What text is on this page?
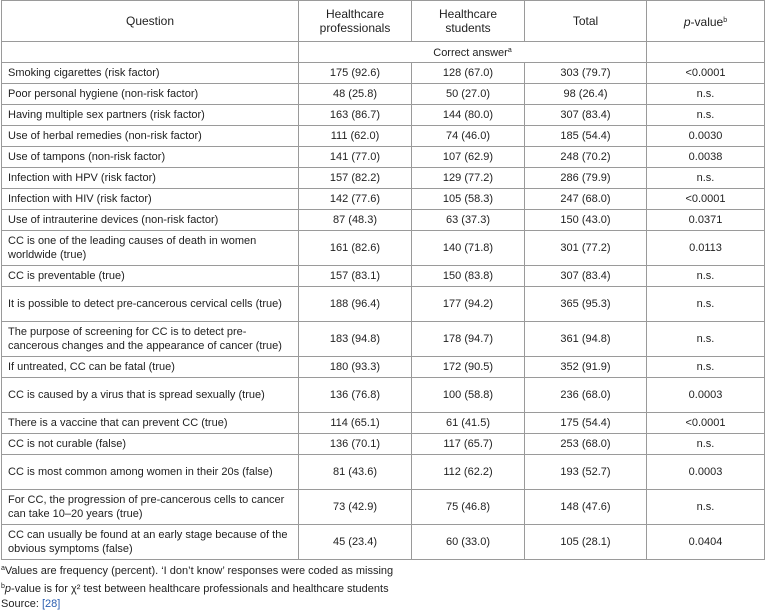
Question	Healthcare professionals	Healthcare students	Total	p-value$^b$
	Correct answer$^a$	
Smoking cigarettes (risk factor)	175 (92.6)	128 (67.0)	303 (79.7)	<0.0001
Poor personal hygiene (non-risk factor)	48 (25.8)	50 (27.0)	98 (26.4)	n.s.
Having multiple sex partners (risk factor)	163 (86.7)	144 (80.0)	307 (83.4)	n.s.
Use of herbal remedies (non-risk factor)	111 (62.0)	74 (46.0)	185 (54.4)	0.0030
Use of tampons (non-risk factor)	141 (77.0)	107 (62.9)	248 (70.2)	0.0038
Infection with HPV (risk factor)	157 (82.2)	129 (77.2)	286 (79.9)	n.s.
Infection with HIV (risk factor)	142 (77.6)	105 (58.3)	247 (68.0)	<0.0001
Use of intrauterine devices (non-risk factor)	87 (48.3)	63 (37.3)	150 (43.0)	0.0371
CC is one of the leading causes of death in women worldwide (true)	161 (82.6)	140 (71.8)	301 (77.2)	0.0113
CC is preventable (true)	157 (83.1)	150 (83.8)	307 (83.4)	n.s.
It is possible to detect pre-cancerous cervical cells (true)	188 (96.4)	177 (94.2)	365 (95.3)	n.s.
The purpose of screening for CC is to detect pre-cancerous changes and the appearance of cancer (true)	183 (94.8)	178 (94.7)	361 (94.8)	n.s.
If untreated, CC can be fatal (true)	180 (93.3)	172 (90.5)	352 (91.9)	n.s.
CC is caused by a virus that is spread sexually (true)	136 (76.8)	100 (58.8)	236 (68.0)	0.0003
There is a vaccine that can prevent CC (true)	114 (65.1)	61 (41.5)	175 (54.4)	<0.0001
CC is not curable (false)	136 (70.1)	117 (65.7)	253 (68.0)	n.s.
CC is most common among women in their 20s (false)	81 (43.6)	112 (62.2)	193 (52.7)	0.0003
For CC, the progression of pre-cancerous cells to cancer can take 10–20 years (true)	73 (42.9)	75 (46.8)	148 (47.6)	n.s.
CC can usually be found at an early stage because of the obvious symptoms (false)	45 (23.4)	60 (33.0)	105 (28.1)	0.0404
$^a$Values are frequency (percent). ‘I don’t know’ responses were coded as missing
$^b$p-value is for χ² test between healthcare professionals and healthcare students
Source: [28]
